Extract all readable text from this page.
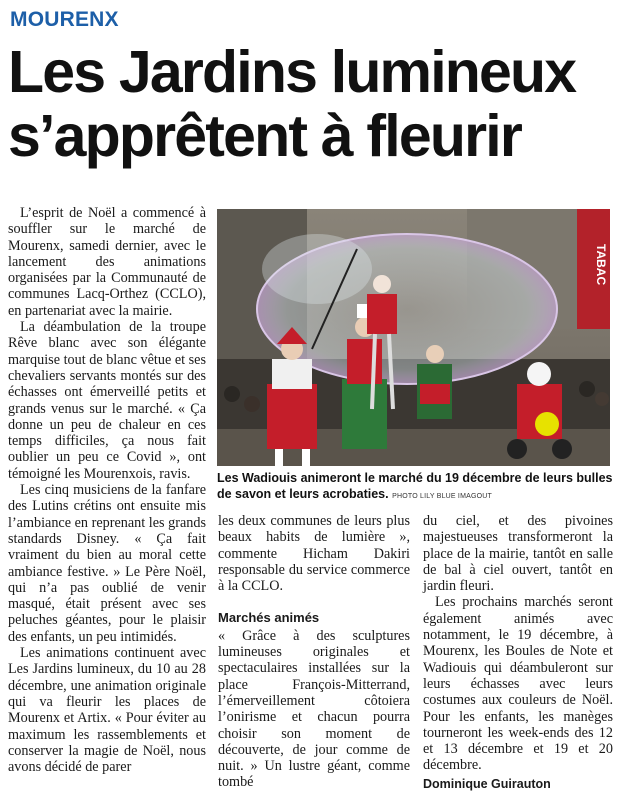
MOURENX
Les Jardins lumineux
s’apprêtent à fleurir

L’esprit de Noël a commencé à souffler sur le marché de Mourenx, samedi dernier, avec le lancement des animations organisées par la Communauté de communes Lacq-Orthez (CCLO), en partenariat avec la mairie.

La déambulation de la troupe Rêve blanc avec son élégante marquise tout de blanc vêtue et ses chevaliers servants montés sur des échasses ont émerveillé petits et grands venus sur le marché. « Ça donne un peu de chaleur en ces temps difficiles, ça nous fait oublier un peu ce Covid », ont témoigné les Mourenxois, ravis.

Les cinq musiciens de la fanfare des Lutins crétins ont ensuite mis l’ambiance en reprenant les grands standards Disney. « Ça fait vraiment du bien au moral cette ambiance festive. » Le Père Noël, qui n’a pas oublié de venir masqué, était présent avec ses peluches géantes, pour le plaisir des enfants, un peu intimidés.

Les animations continuent avec Les Jardins lumineux, du 10 au 28 décembre, une animation originale qui va fleurir les places de Mourenx et Artix. « Pour éviter au maximum les rassemblements et conserver la magie de Noël, nous avons décidé de parer

TABAC
Les Wadiouis animeront le marché du 19 décembre de leurs bulles de savon et leurs acrobaties. PHOTO LILY BLUE IMAGOUT

les deux communes de leurs plus beaux habits de lumière », commente Hicham Dakiri responsable du service commerce à la CCLO.

Marchés animés

« Grâce à des sculptures lumineuses originales et spectaculaires installées sur la place François-Mitterrand, l’émerveillement côtoiera l’onirisme et chacun pourra choisir son moment de découverte, de jour comme de nuit. » Un lustre géant, comme tombé

du ciel, et des pivoines majestueuses transformeront la place de la mairie, tantôt en salle de bal à ciel ouvert, tantôt en jardin fleuri.

Les prochains marchés seront également animés avec notamment, le 19 décembre, à Mourenx, les Boules de Note et Wadiouis qui déambuleront sur leurs échasses avec leurs costumes aux couleurs de Noël. Pour les enfants, les manèges tourneront les week-ends des 12 et 13 décembre et 19 et 20 décembre.

Dominique Guirauton
